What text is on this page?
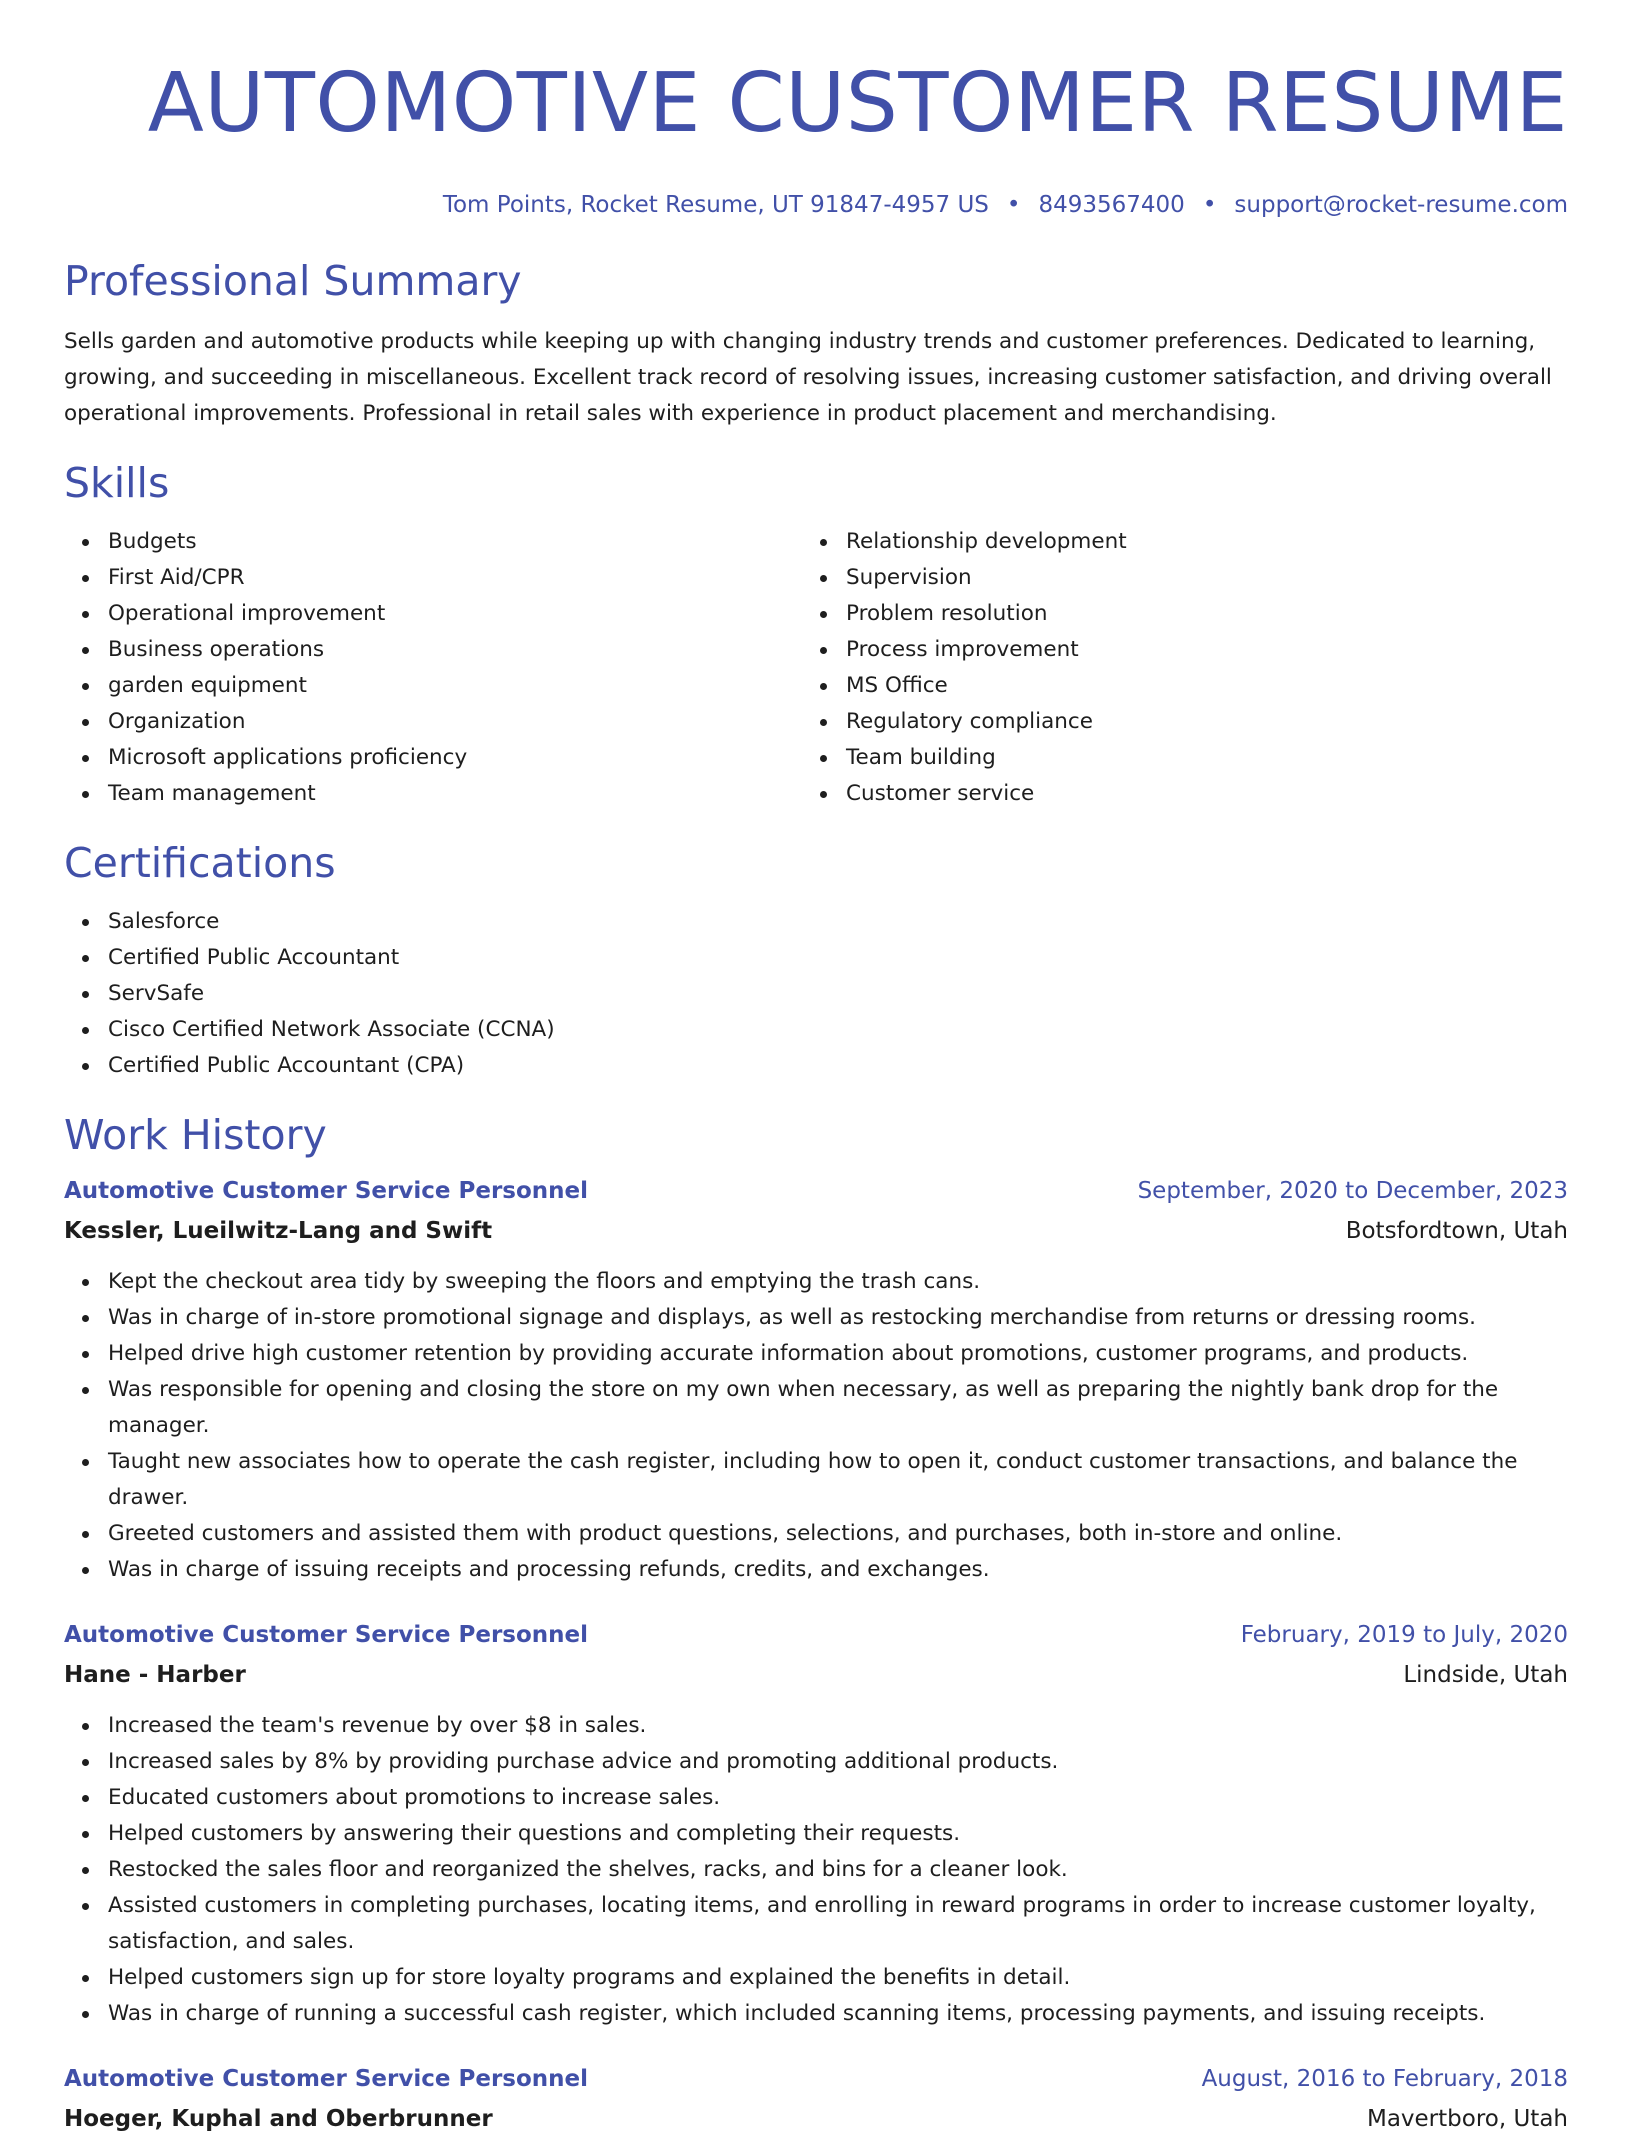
AUTOMOTIVE CUSTOMER RESUME
Tom Points, Rocket Resume, UT 91847-4957 US • 8493567400 • support@rocket-resume.com
Professional Summary

Sells garden and automotive products while keeping up with changing industry trends and customer preferences. Dedicated to learning, growing, and succeeding in miscellaneous. Excellent track record of resolving issues, increasing customer satisfaction, and driving overall operational improvements. Professional in retail sales with experience in product placement and merchandising.

Skills
Budgets
First Aid/CPR
Operational improvement
Business operations
garden equipment
Organization
Microsoft applications proficiency
Team management
Relationship development
Supervision
Problem resolution
Process improvement
MS Office
Regulatory compliance
Team building
Customer service
Certifications
Salesforce
Certified Public Accountant
ServSafe
Cisco Certified Network Associate (CCNA)
Certified Public Accountant (CPA)
Work History
Automotive Customer Service Personnel	September, 2020 to December, 2023
Kessler, Lueilwitz-Lang and Swift	Botsfordtown, Utah
Kept the checkout area tidy by sweeping the floors and emptying the trash cans.
Was in charge of in-store promotional signage and displays, as well as restocking merchandise from returns or dressing rooms.
Helped drive high customer retention by providing accurate information about promotions, customer programs, and products.
Was responsible for opening and closing the store on my own when necessary, as well as preparing the nightly bank drop for the manager.
Taught new associates how to operate the cash register, including how to open it, conduct customer transactions, and balance the drawer.
Greeted customers and assisted them with product questions, selections, and purchases, both in-store and online.
Was in charge of issuing receipts and processing refunds, credits, and exchanges.
Automotive Customer Service Personnel	February, 2019 to July, 2020
Hane - Harber	Lindside, Utah
Increased the team's revenue by over $8 in sales.
Increased sales by 8% by providing purchase advice and promoting additional products.
Educated customers about promotions to increase sales.
Helped customers by answering their questions and completing their requests.
Restocked the sales floor and reorganized the shelves, racks, and bins for a cleaner look.
Assisted customers in completing purchases, locating items, and enrolling in reward programs in order to increase customer loyalty, satisfaction, and sales.
Helped customers sign up for store loyalty programs and explained the benefits in detail.
Was in charge of running a successful cash register, which included scanning items, processing payments, and issuing receipts.
Automotive Customer Service Personnel	August, 2016 to February, 2018
Hoeger, Kuphal and Oberbrunner	Mavertboro, Utah
